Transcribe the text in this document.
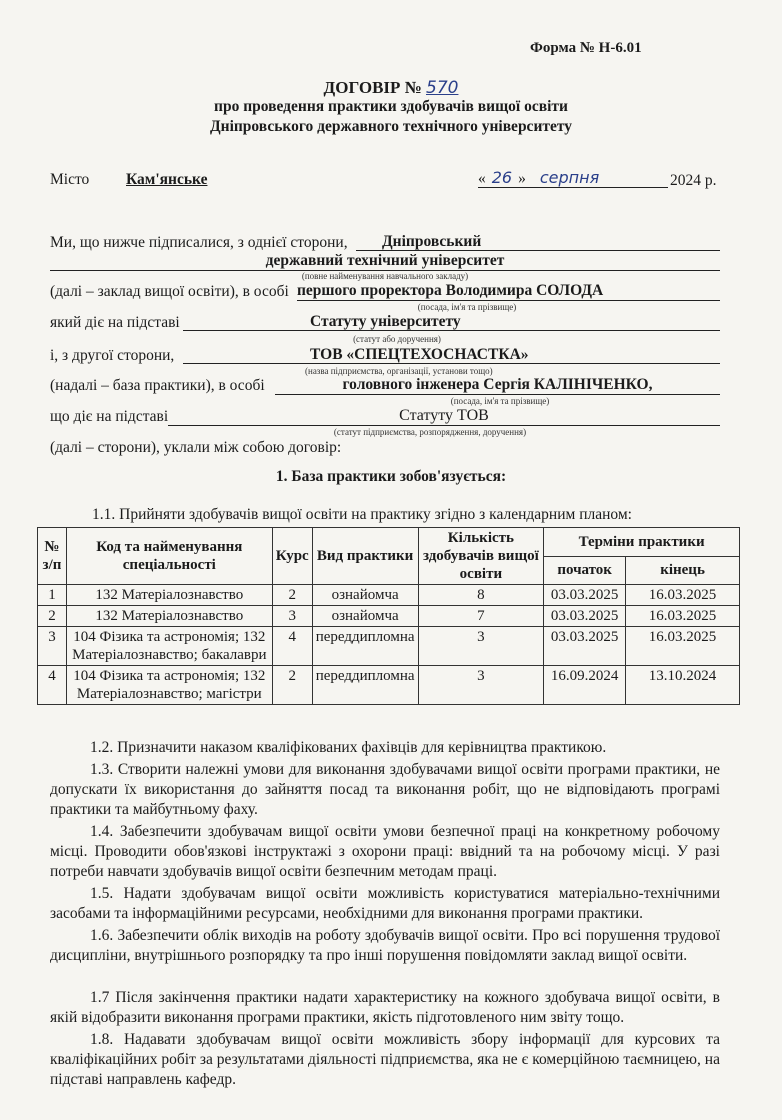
Форма № Н-6.01
ДОГОВІР № 570
про проведення практики здобувачів вищої освіти
Дніпровського державного технічного університету
Місто Кам'янське	« 26 » серпня	2024 р.
Ми, що нижче підписалися, з однієї сторони,	Дніпровський
державний технічний університет
(повне найменування навчального закладу)
(далі – заклад вищої освіти), в особі першого проректора Володимира СОЛОДА
(посада, ім'я та прізвище)
який діє на підставі	Статуту університету
(статут або доручення)
і, з другої сторони,	ТОВ «СПЕЦТЕХОСНАСТКА»
(назва підприємства, організації, установи тощо)
(надалі – база практики), в особі	головного інженера Сергія КАЛІНІЧЕНКО,
(посада, ім'я та прізвище)
що діє на підставі	Статуту ТОВ
(статут підприємства, розпорядження, доручення)
(далі – сторони), уклали між собою договір:
1. База практики зобов'язується:
1.1. Прийняти здобувачів вищої освіти на практику згідно з календарним планом:
№ з/п	Код та найменування спеціальності	Курс	Вид практики	Кількість здобувачів вищої освіти	Терміни практики	
					початок	кінець
1	132 Матеріалознавство	2	ознайомча	8	03.03.2025	16.03.2025
2	132 Матеріалознавство	3	ознайомча	7	03.03.2025	16.03.2025
3	104 Фізика та астрономія; 132 Матеріалознавство; бакалаври	4	переддипломна	3	03.03.2025	16.03.2025
4	104 Фізика та астрономія; 132 Матеріалознавство; магістри	2	переддипломна	3	16.09.2024	13.10.2024
1.2. Призначити наказом кваліфікованих фахівців для керівництва практикою.
1.3. Створити належні умови для виконання здобувачами вищої освіти програми практики, не допускати їх використання до зайняття посад та виконання робіт, що не відповідають програмі практики та майбутньому фаху.
1.4. Забезпечити здобувачам вищої освіти умови безпечної праці на конкретному робочому місці. Проводити обов'язкові інструктажі з охорони праці: ввідний та на робочому місці. У разі потреби навчати здобувачів вищої освіти безпечним методам праці.
1.5. Надати здобувачам вищої освіти можливість користуватися матеріально-технічними засобами та інформаційними ресурсами, необхідними для виконання програми практики.
1.6. Забезпечити облік виходів на роботу здобувачів вищої освіти. Про всі порушення трудової дисципліни, внутрішнього розпорядку та про інші порушення повідомляти заклад вищої освіти.
1.7 Після закінчення практики надати характеристику на кожного здобувача вищої освіти, в якій відобразити виконання програми практики, якість підготовленого ним звіту тощо.
1.8. Надавати здобувачам вищої освіти можливість збору інформації для курсових та кваліфікаційних робіт за результатами діяльності підприємства, яка не є комерційною таємницею, на підставі направлень кафедр.
